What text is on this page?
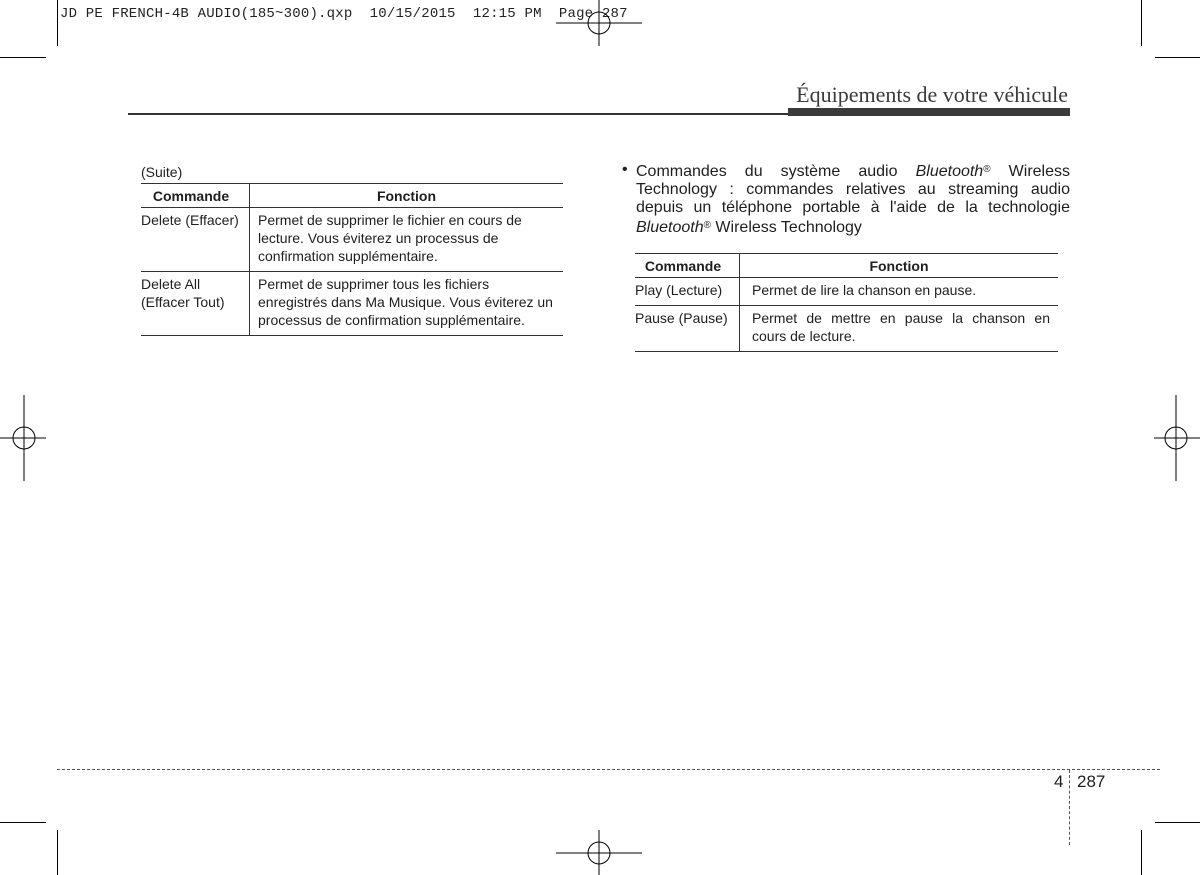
JD PE FRENCH-4B AUDIO(185~300).qxp  10/15/2015  12:15 PM  Page 287
Équipements de votre véhicule
(Suite)
Commande	Fonction
Delete (Effacer)	Permet de supprimer le fichier en cours de lecture. Vous éviterez un processus de confirmation supplémentaire.
Delete All
(Effacer Tout)	Permet de supprimer tous les fichiers enregistrés dans Ma Musique. Vous éviterez un processus de confirmation supplémentaire.
• Commandes du système audio Bluetooth® Wireless Technology : commandes relatives au streaming audio depuis un téléphone portable à l'aide de la technologie Bluetooth® Wireless Technology
Commande	Fonction
Play (Lecture)	Permet de lire la chanson en pause.
Pause (Pause)	Permet de mettre en pause la chanson en cours de lecture.
4 287
